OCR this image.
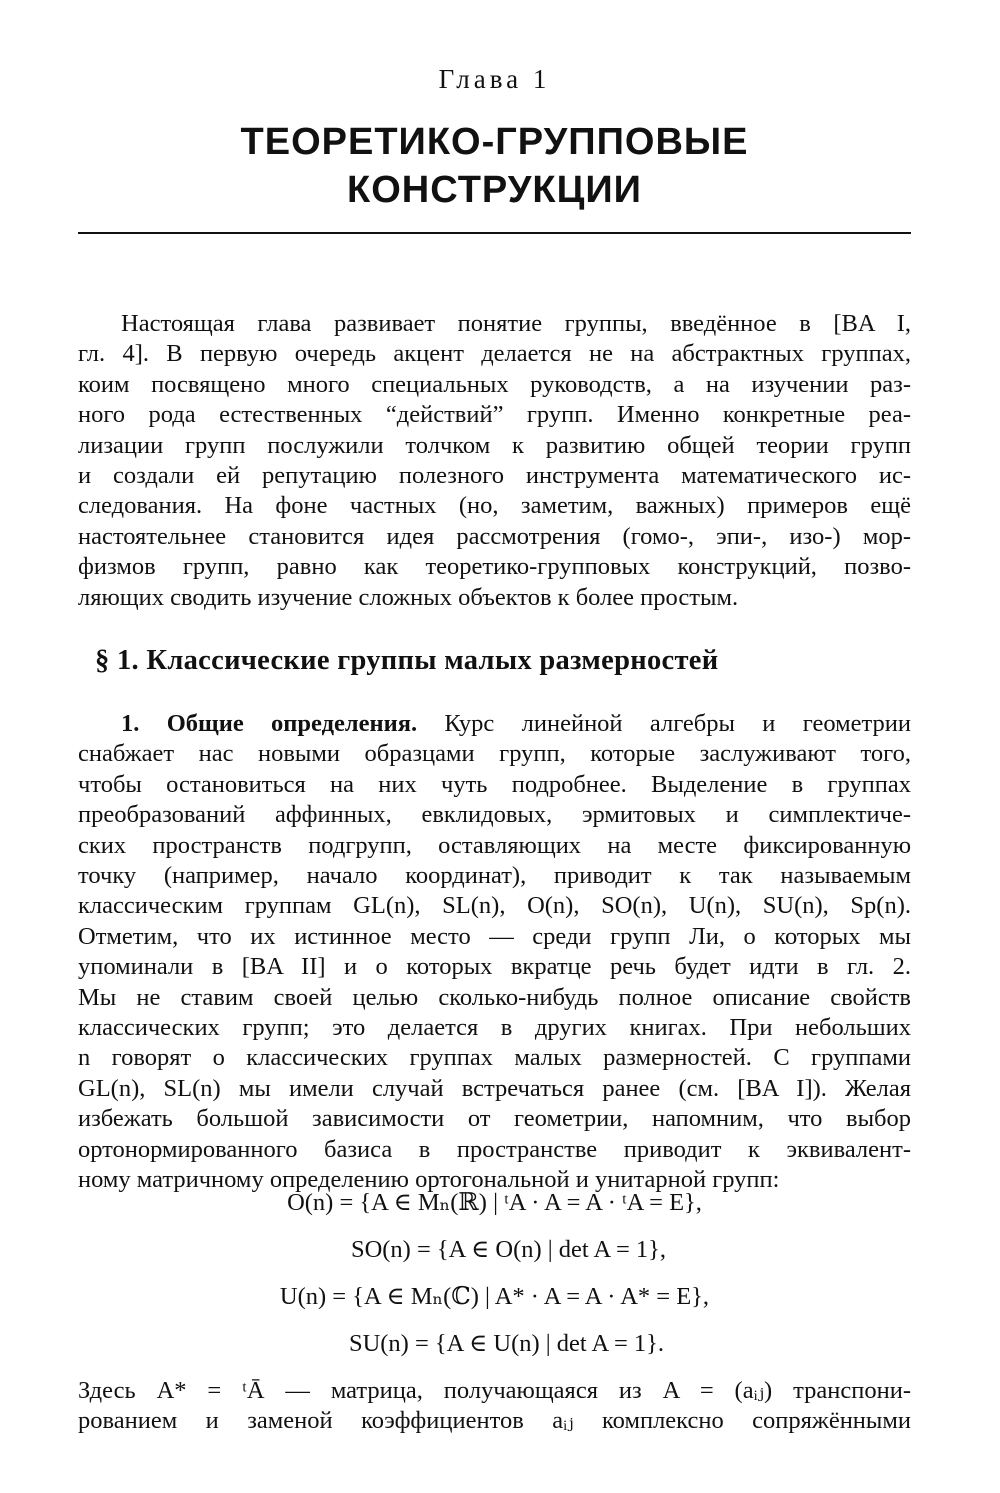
Глава 1
ТЕОРЕТИКО-ГРУППОВЫЕ
КОНСТРУКЦИИ
Настоящая глава развивает понятие группы, введённое в [BA I,
гл. 4]. В первую очередь акцент делается не на абстрактных группах,
коим посвящено много специальных руководств, а на изучении раз-
ного рода естественных “действий” групп. Именно конкретные реа-
лизации групп послужили толчком к развитию общей теории групп
и создали ей репутацию полезного инструмента математического ис-
следования. На фоне частных (но, заметим, важных) примеров ещё
настоятельнее становится идея рассмотрения (гомо-, эпи-, изо-) мор-
физмов групп, равно как теоретико-групповых конструкций, позво-
ляющих сводить изучение сложных объектов к более простым.
§ 1. Классические группы малых размерностей
1. Общие определения. Курс линейной алгебры и геометрии
снабжает нас новыми образцами групп, которые заслуживают того,
чтобы остановиться на них чуть подробнее. Выделение в группах
преобразований аффинных, евклидовых, эрмитовых и симплектиче-
ских пространств подгрупп, оставляющих на месте фиксированную
точку (например, начало координат), приводит к так называемым
классическим группам GL(n), SL(n), O(n), SO(n), U(n), SU(n), Sp(n).
Отметим, что их истинное место — среди групп Ли, о которых мы
упоминали в [BA II] и о которых вкратце речь будет идти в гл. 2.
Мы не ставим своей целью сколько-нибудь полное описание свойств
классических групп; это делается в других книгах. При небольших
n говорят о классических группах малых размерностей. С группами
GL(n), SL(n) мы имели случай встречаться ранее (см. [BA I]). Желая
избежать большой зависимости от геометрии, напомним, что выбор
ортонормированного базиса в пространстве приводит к эквивалент-
ному матричному определению ортогональной и унитарной групп:
O(n) = {A ∈ Mₙ(ℝ) | ᵗA · A = A · ᵗA = E},
SO(n) = {A ∈ O(n) | det A = 1},
U(n) = {A ∈ Mₙ(ℂ) | A* · A = A · A* = E},
SU(n) = {A ∈ U(n) | det A = 1}.
Здесь A* = ᵗĀ — матрица, получающаяся из A = (aᵢⱼ) транспони-
рованием и заменой коэффициентов aᵢⱼ комплексно сопряжёнными
